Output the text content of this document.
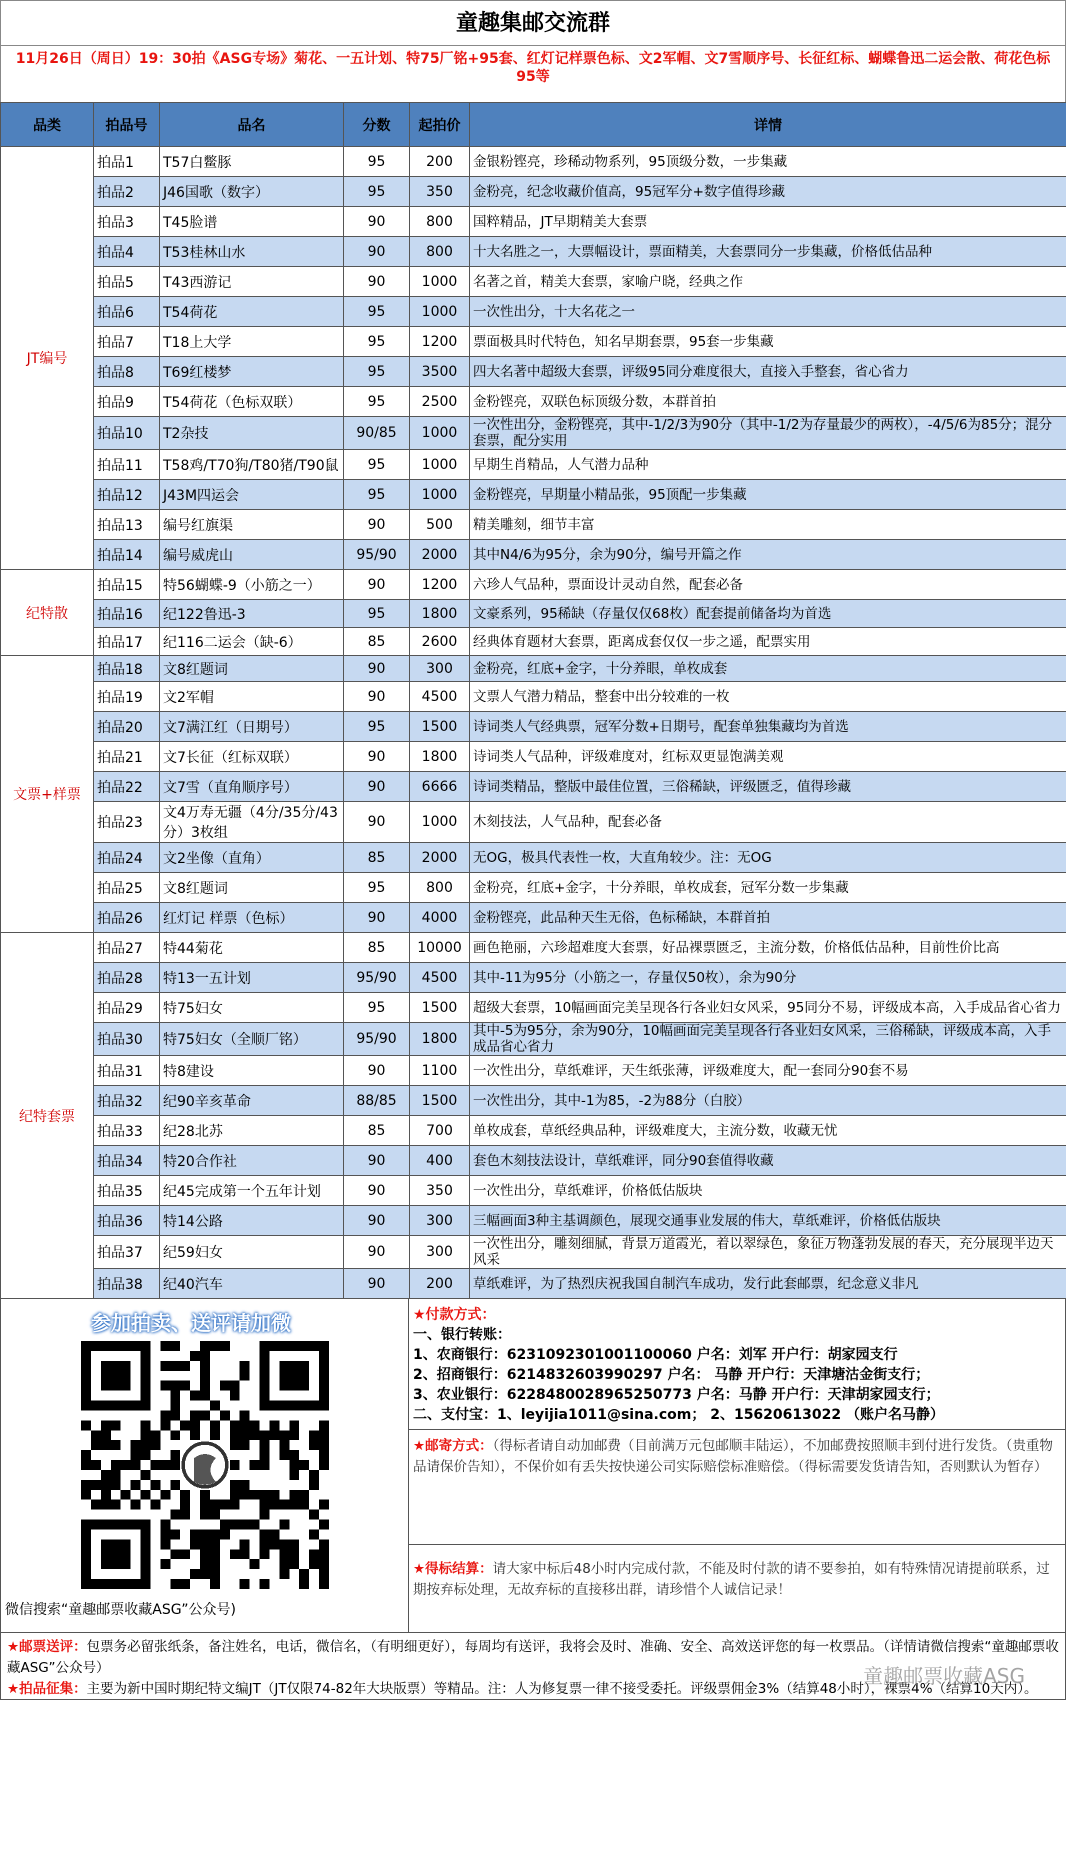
童趣集邮交流群
11月26日（周日）19：30拍《ASG专场》菊花、一五计划、特75厂铭+95套、红灯记样票色标、文2军帽、文7雪顺序号、长征红标、蝴蝶鲁迅二运会散、荷花色标95等
品类	拍品号	品名	分数	起拍价	详情
JT编号	拍品1	T57白鳖豚	95	200	金银粉铿亮，珍稀动物系列，95顶级分数，一步集藏
	拍品2	J46国歌（数字）	95	350	金粉亮，纪念收藏价值高，95冠军分+数字值得珍藏
	拍品3	T45脸谱	90	800	国粹精品，JT早期精美大套票
	拍品4	T53桂林山水	90	800	十大名胜之一，大票幅设计，票面精美，大套票同分一步集藏，价格低估品种
	拍品5	T43西游记	90	1000	名著之首，精美大套票，家喻户晓，经典之作
	拍品6	T54荷花	95	1000	一次性出分，十大名花之一
	拍品7	T18上大学	95	1200	票面极具时代特色，知名早期套票，95套一步集藏
	拍品8	T69红楼梦	95	3500	四大名著中超级大套票，评级95同分难度很大，直接入手整套，省心省力
	拍品9	T54荷花（色标双联）	95	2500	金粉铿亮，双联色标顶级分数，本群首拍
	拍品10	T2杂技	90/85	1000	一次性出分，金粉铿亮，其中-1/2/3为90分（其中-1/2为存量最少的两枚），-4/5/6为85分；混分套票，配分实用
	拍品11	T58鸡/T70狗/T80猪/T90鼠	95	1000	早期生肖精品，人气潜力品种
	拍品12	J43M四运会	95	1000	金粉铿亮，早期量小精品张，95顶配一步集藏
	拍品13	编号红旗渠	90	500	精美雕刻，细节丰富
	拍品14	编号威虎山	95/90	2000	其中N4/6为95分，余为90分，编号开篇之作
纪特散	拍品15	特56蝴蝶-9（小筋之一）	90	1200	六珍人气品种，票面设计灵动自然，配套必备
	拍品16	纪122鲁迅-3	95	1800	文豪系列，95稀缺（存量仅仅68枚）配套提前储备均为首选
	拍品17	纪116二运会（缺-6）	85	2600	经典体育题材大套票，距离成套仅仅一步之遥，配票实用
文票+样票	拍品18	文8红题词	90	300	金粉亮，红底+金字，十分养眼，单枚成套
	拍品19	文2军帽	90	4500	文票人气潜力精品，整套中出分较难的一枚
	拍品20	文7满江红（日期号）	95	1500	诗词类人气经典票，冠军分数+日期号，配套单独集藏均为首选
	拍品21	文7长征（红标双联）	90	1800	诗词类人气品种，评级难度对，红标双更显饱满美观
	拍品22	文7雪（直角顺序号）	90	6666	诗词类精品，整版中最佳位置，三俗稀缺，评级匮乏，值得珍藏
	拍品23	文4万寿无疆（4分/35分/43分）3枚组	90	1000	木刻技法，人气品种，配套必备
	拍品24	文2坐像（直角）	85	2000	无OG，极具代表性一枚，大直角较少。注：无OG
	拍品25	文8红题词	95	800	金粉亮，红底+金字，十分养眼，单枚成套，冠军分数一步集藏
	拍品26	红灯记 样票（色标）	90	4000	金粉铿亮，此品种天生无俗，色标稀缺，本群首拍
纪特套票	拍品27	特44菊花	85	10000	画色艳丽，六珍超难度大套票，好品裸票匮乏，主流分数，价格低估品种，目前性价比高
	拍品28	特13一五计划	95/90	4500	其中-11为95分（小筋之一，存量仅50枚），余为90分
	拍品29	特75妇女	95	1500	超级大套票，10幅画面完美呈现各行各业妇女风采，95同分不易，评级成本高，入手成品省心省力
	拍品30	特75妇女（全顺厂铭）	95/90	1800	其中-5为95分，余为90分，10幅画面完美呈现各行各业妇女风采，三俗稀缺，评级成本高，入手成品省心省力
	拍品31	特8建设	90	1100	一次性出分，草纸难评，天生纸张薄，评级难度大，配一套同分90套不易
	拍品32	纪90辛亥革命	88/85	1500	一次性出分，其中-1为85，-2为88分（白胶）
	拍品33	纪28北苏	85	700	单枚成套，草纸经典品种，评级难度大，主流分数，收藏无忧
	拍品34	特20合作社	90	400	套色木刻技法设计，草纸难评，同分90套值得收藏
	拍品35	纪45完成第一个五年计划	90	350	一次性出分，草纸难评，价格低估版块
	拍品36	特14公路	90	300	三幅画面3种主基调颜色，展现交通事业发展的伟大，草纸难评，价格低估版块
	拍品37	纪59妇女	90	300	一次性出分，雕刻细腻，背景万道霞光，着以翠绿色，象征万物蓬勃发展的春天，充分展现半边天风采
	拍品38	纪40汽车	90	200	草纸难评，为了热烈庆祝我国自制汽车成功，发行此套邮票，纪念意义非凡
参加拍卖、送评请加微
微信搜索“童趣邮票收藏ASG”公众号)
★付款方式：
一、银行转账：
1、农商银行：6231092301001100060 户名：刘军 开户行：胡家园支行
2、招商银行：6214832603990297 户名： 马静 开户行：天津塘沽金街支行；
3、农业银行：6228480028965250773 户名：马静 开户行：天津胡家园支行；
二、支付宝：1、leyijia1011@sina.com； 2、15620613022 （账户名马静）
★邮寄方式：（得标者请自动加邮费（目前满万元包邮顺丰陆运），不加邮费按照顺丰到付进行发货。（贵重物品请保价告知），不保价如有丢失按快递公司实际赔偿标准赔偿。（得标需要发货请告知，否则默认为暂存）
★得标结算：请大家中标后48小时内完成付款，不能及时付款的请不要参拍，如有特殊情况请提前联系，过期按弃标处理，无故弃标的直接移出群，请珍惜个人诚信记录！

★邮票送评：包票务必留张纸条，备注姓名，电话，微信名，（有明细更好），每周均有送评，我将会及时、准确、安全、高效送评您的每一枚票品。（详情请微信搜索“童趣邮票收藏ASG”公众号）

★拍品征集：主要为新中国时期纪特文编JT（JT仅限74-82年大块版票）等精品。注：人为修复票一律不接受委托。评级票佣金3%（结算48小时），裸票4%（结算10天内）。

童趣邮票收藏ASG
